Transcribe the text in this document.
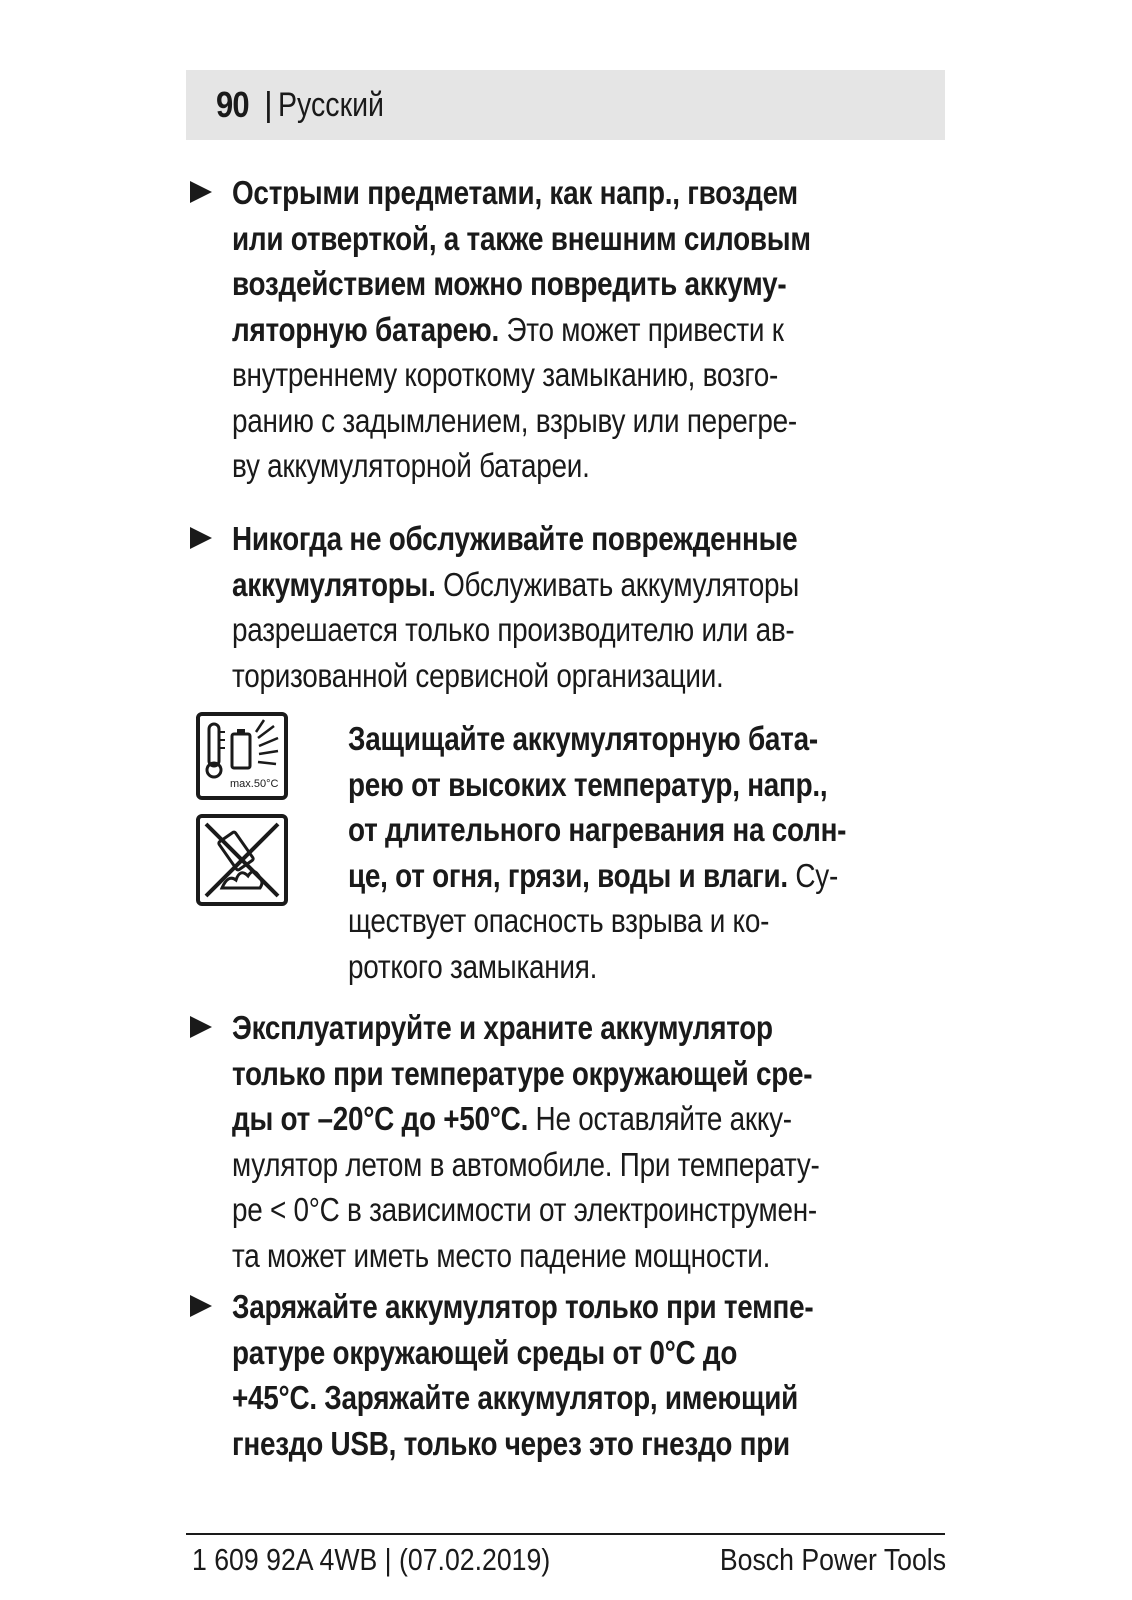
90 | Русский
Острыми предметами, как напр., гвоздем
или отверткой, а также внешним силовым
воздействием можно повредить аккуму-
ляторную батарею. Это может привести к
внутреннему короткому замыканию, возго-
ранию с задымлением, взрыву или перегре-
ву аккумуляторной батареи.
Никогда не обслуживайте поврежденные
аккумуляторы. Обслуживать аккумуляторы
разрешается только производителю или ав-
торизованной сервисной организации.
max.50°C
Защищайте аккумуляторную бата-
рею от высоких температур, напр.,
от длительного нагревания на солн-
це, от огня, грязи, воды и влаги. Су-
ществует опасность взрыва и ко-
роткого замыкания.
Эксплуатируйте и храните аккумулятор
только при температуре окружающей сре-
ды от –20°C до +50°C. Не оставляйте акку-
мулятор летом в автомобиле. При температу-
ре < 0°C в зависимости от электроинструмен-
та может иметь место падение мощности.
Заряжайте аккумулятор только при темпе-
ратуре окружающей среды от 0°C до
+45°C. Заряжайте аккумулятор, имеющий
гнездо USB, только через это гнездо при
1 609 92A 4WB | (07.02.2019)	Bosch Power Tools
